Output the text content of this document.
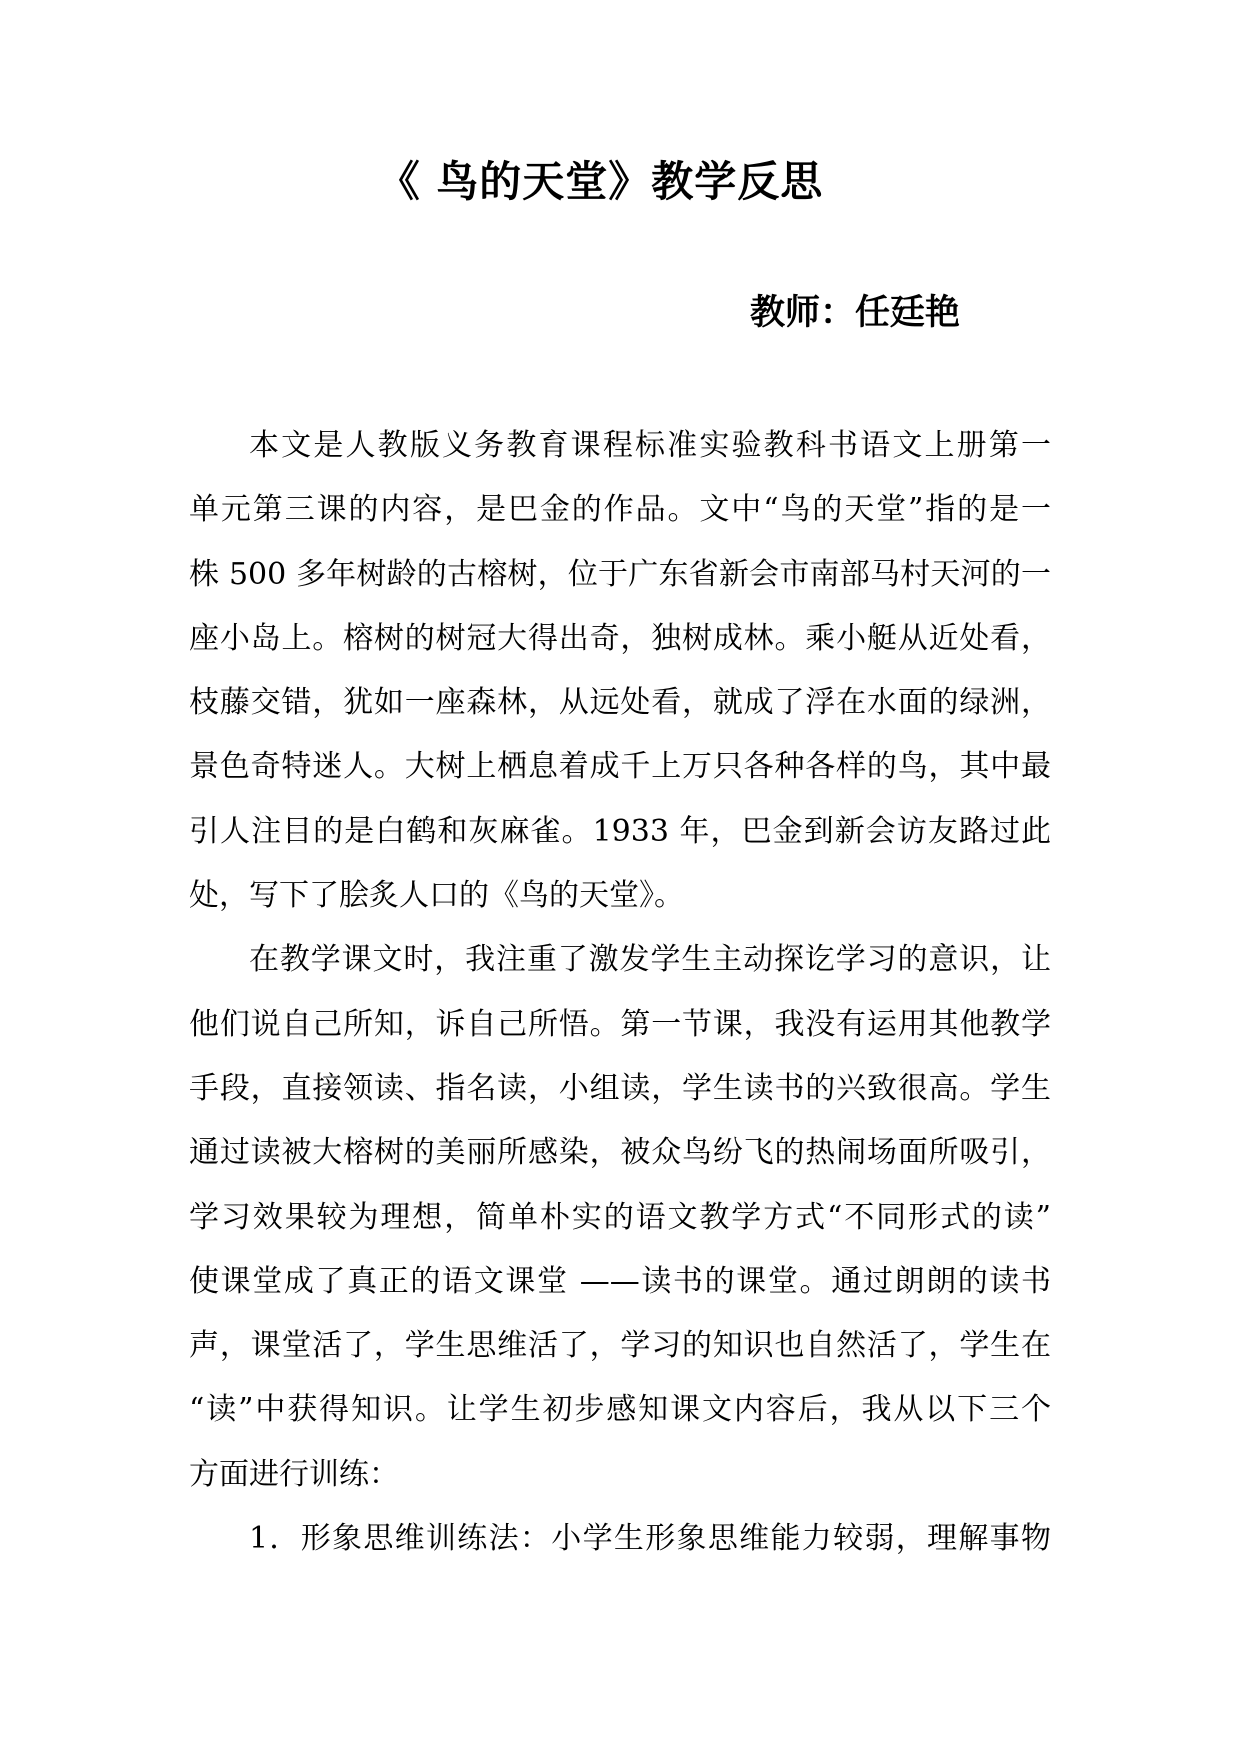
《 鸟的天堂》教学反思
教师：任廷艳
本文是人教版义务教育课程标准实验教科书语文上册第一
单元第三课的内容，是巴金的作品。文中“鸟的天堂”指的是一
株 500 多年树龄的古榕树，位于广东省新会市南部马村天河的一
座小岛上。榕树的树冠大得出奇，独树成林。乘小艇从近处看，
枝藤交错，犹如一座森林，从远处看，就成了浮在水面的绿洲，
景色奇特迷人。大树上栖息着成千上万只各种各样的鸟，其中最
引人注目的是白鹤和灰麻雀。1933 年，巴金到新会访友路过此
处，写下了脍炙人口的《鸟的天堂》。
在教学课文时，我注重了激发学生主动探讫学习的意识，让
他们说自己所知，诉自己所悟。第一节课，我没有运用其他教学
手段，直接领读、指名读，小组读，学生读书的兴致很高。学生
通过读被大榕树的美丽所感染，被众鸟纷飞的热闹场面所吸引，
学习效果较为理想，简单朴实的语文教学方式“不同形式的读”
使课堂成了真正的语文课堂 ——读书的课堂。通过朗朗的读书
声，课堂活了，学生思维活了，学习的知识也自然活了，学生在
“读”中获得知识。让学生初步感知课文内容后，我从以下三个
方面进行训练：
1．形象思维训练法：小学生形象思维能力较弱，理解事物
